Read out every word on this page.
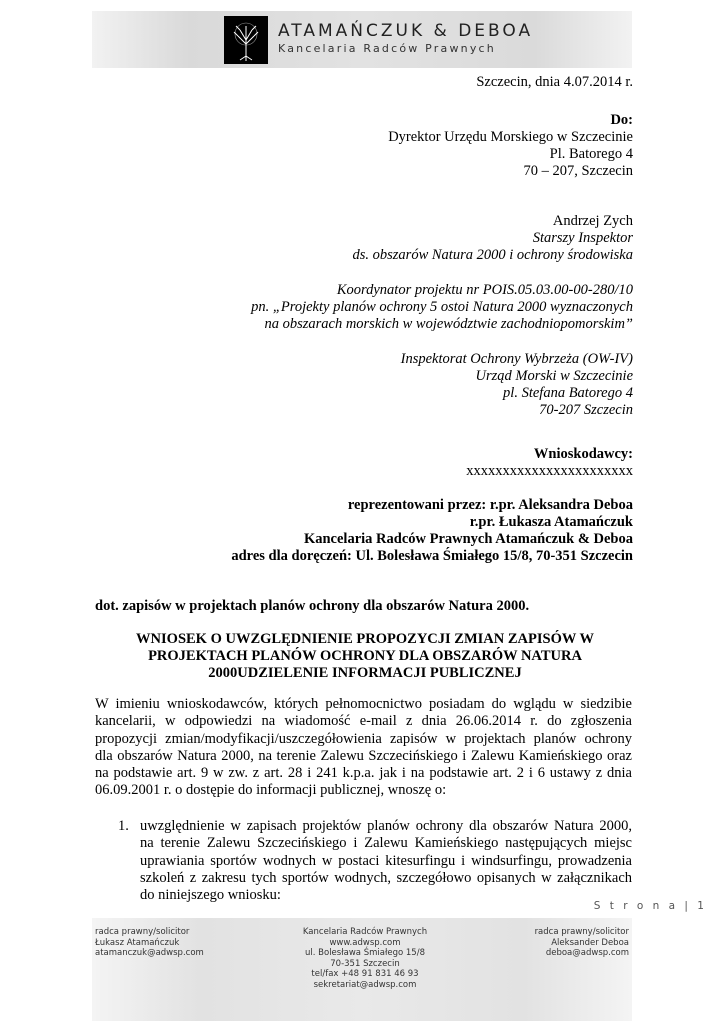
ATAMAŃCZUK & DEBOA
Kancelaria Radców Prawnych
Szczecin, dnia 4.07.2014 r.
Do:
Dyrektor Urzędu Morskiego w Szczecinie
Pl. Batorego 4
70 – 207, Szczecin
Andrzej Zych
Starszy Inspektor
ds. obszarów Natura 2000 i ochrony środowiska
Koordynator projektu nr POIS.05.03.00-00-280/10
pn. „Projekty planów ochrony 5 ostoi Natura 2000 wyznaczonych
na obszarach morskich w województwie zachodniopomorskim”
Inspektorat Ochrony Wybrzeża (OW-IV)
Urząd Morski w Szczecinie
pl. Stefana Batorego 4
70-207 Szczecin
Wnioskodawcy:
xxxxxxxxxxxxxxxxxxxxxxx
reprezentowani przez: r.pr. Aleksandra Deboa
r.pr. Łukasza Atamańczuk
Kancelaria Radców Prawnych Atamańczuk & Deboa
adres dla doręczeń: Ul. Bolesława Śmiałego 15/8, 70-351 Szczecin
dot. zapisów w projektach planów ochrony dla obszarów Natura 2000.
WNIOSEK O UWZGLĘDNIENIE PROPOZYCJI ZMIAN ZAPISÓW W
PROJEKTACH PLANÓW OCHRONY DLA OBSZARÓW NATURA
2000UDZIELENIE INFORMACJI PUBLICZNEJ
W imieniu wnioskodawców, których pełnomocnictwo posiadam do wglądu w siedzibie
kancelarii, w odpowiedzi na wiadomość e-mail z dnia 26.06.2014 r. do zgłoszenia
propozycji zmian/modyfikacji/uszczegółowienia zapisów w projektach planów ochrony
dla obszarów Natura 2000, na terenie Zalewu Szczecińskiego i Zalewu Kamieńskiego oraz
na podstawie art. 9 w zw. z art. 28 i 241 k.p.a. jak i na podstawie art. 2 i 6 ustawy z dnia
06.09.2001 r. o dostępie do informacji publicznej, wnoszę o:
1. uwzględnienie w zapisach projektów planów ochrony dla obszarów Natura 2000,
na terenie Zalewu Szczecińskiego i Zalewu Kamieńskiego następujących miejsc
uprawiania sportów wodnych w postaci kitesurfingu i windsurfingu, prowadzenia
szkoleń z zakresu tych sportów wodnych, szczegółowo opisanych w załącznikach
do niniejszego wniosku:
S t r o n a | 1
radca prawny/solicitor
Łukasz Atamańczuk
atamanczuk@adwsp.com
Kancelaria Radców Prawnych
www.adwsp.com
ul. Bolesława Śmiałego 15/8
70-351 Szczecin
tel/fax +48 91 831 46 93
sekretariat@adwsp.com
radca prawny/solicitor
Aleksander Deboa
deboa@adwsp.com
